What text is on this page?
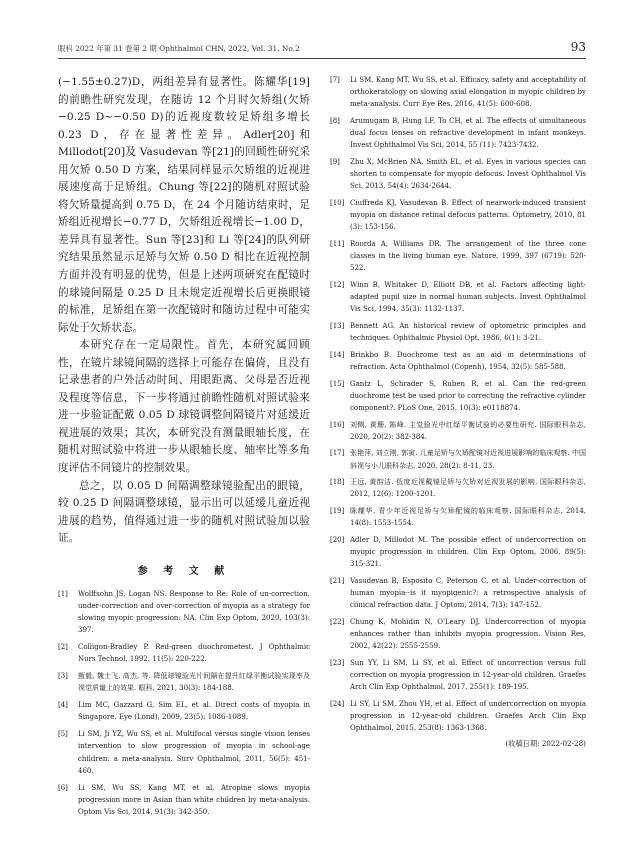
眼科 2022 年第 31 卷第 2 期 Ophthalmol CHN, 2022, Vol. 31, No.2	93

(−1.55±0.27)D，两组差异有显著性。陈耀华[19]的前瞻性研究发现，在随访 12 个月时欠矫组(欠矫−0.25 D~−0.50 D)的近视度数较足矫组多增长 0.23 D，存在显著性差异。Adler[20]和 Millodot[20]及 Vasudevan 等[21]的回顾性研究采用欠矫 0.50 D 方案，结果同样显示欠矫组的近视进展速度高于足矫组。Chung 等[22]的随机对照试验将欠矫量提高到 0.75 D，在 24 个月随访结束时，足矫组近视增长−0.77 D，欠矫组近视增长−1.00 D，差异具有显著性。Sun 等[23]和 Li 等[24]的队列研究结果虽然显示足矫与欠矫 0.50 D 相比在近视控制方面并没有明显的优势，但是上述两项研究在配镜时的球镜间隔是 0.25 D 且未规定近视增长后更换眼镜的标准，足矫组在第一次配镜时和随访过程中可能实际处于欠矫状态。

本研究存在一定局限性。首先，本研究属回顾性，在镜片球镜间隔的选择上可能存在偏倚，且没有记录患者的户外活动时间、用眼距离、父母是否近视及程度等信息，下一步将通过前瞻性随机对照试验来进一步验证配戴 0.05 D 球镜调整间隔镜片对延缓近视进展的效果；其次，本研究没有测量眼轴长度，在随机对照试验中将进一步从眼轴长度、轴率比等多角度评估不同镜片的控制效果。

总之，以 0.05 D 间隔调整球镜验配出的眼镜，较 0.25 D 间隔调整球镜，显示出可以延缓儿童近视进展的趋势，值得通过进一步的随机对照试验加以验证。

参 考 文 献
[1]	Wolffsohn JS, Logan NS. Response to Re: Role of un-correction, under-correction and over-correction of myopia as a strategy for slowing myopic progression: NA. Clin Exp Optom, 2020, 103(3): 397.
[2]	Colligon-Bradley P. Red-green duochrometest. J Ophthalmic Nurs Technol, 1992, 11(5): 220-222.
[3]	甄毅, 魏士飞, 高杰, 等. 降低球镜验光片间隔在提升红绿平衡试验实现率及视觉质量上的效果. 眼科, 2021, 30(3): 184-188.
[4]	Lim MC, Gazzard G, Sim EL, et al. Direct costs of myopia in Singapore. Eye (Lond), 2009, 23(5): 1086-1089.
[5]	Li SM, Ji YZ, Wu SS, et al. Multifocal versus single vision lenses intervention to slow progression of myopia in school-age children: a meta-analysis. Surv Ophthalmol, 2011, 56(5): 451-460.
[6]	Li SM, Wu SS, Kang MT, et al. Atropine slows myopia progression more in Asian than white children by meta-analysis. Optom Vis Sci, 2014, 91(3): 342-350.
[7]	Li SM, Kang MT, Wu SS, et al. Efficacy, safety and acceptability of orthokeratology on slowing axial elongation in myopic children by meta-analysis. Curr Eye Res, 2016, 41(5): 600-608.
[8]	Arumugam B, Hung LF, To CH, et al. The effects of simultaneous dual focus lenses on refractive development in infant monkeys. Invest Ophthalmol Vis Sci, 2014, 55 (11): 7423-7432.
[9]	Zhu X, McBrien NA, Smith EL, et al. Eyes in various species can shorten to compensate for myopic defocus. Invest Ophthalmol Vis Sci, 2013, 54(4): 2634-2644.
[10] Ciuffreda KJ, Vasudevan B. Effect of nearwork-induced transient myopia on distance retinal defocus patterns. Optometry, 2010, 81 (3): 153-156.
[11] Roorda A, Williams DR. The arrangement of the three cone classes in the living human eye. Nature, 1999, 397 (6719): 520-522.
[12] Winn B, Whitaker D, Elliott DB, et al. Factors affecting light-adapted pupil size in normal human subjects. Invest Ophthalmol Vis Sci, 1994, 35(3): 1132-1137.
[13] Bennett AG. An historical review of optometric principles and techniques. Ophthalmic Physiol Opt, 1986, 6(1): 3-21.
[14] Brinkbo B. Duochrome test as an aid in determinations of refraction. Acta Ophthalmol (Copenh), 1954, 32(5): 585-588.
[15] Gantz L, Schrader S, Ruben R, et al. Can the red-green duochrome test be used prior to correcting the refractive cylinder component?. PLoS One, 2015, 10(3): e0118874.
[16] 刘侧, 黄珊, 陈峰. 主觉验光中红绿平衡试验的必要性研究. 国际眼科杂志, 2020, 20(2): 382-384.
[17] 张艳萍, 刘立刚, 郭寅. 儿童足矫与欠矫配镜对近视进展影响的临床观察. 中国斜视与小儿眼科杂志, 2020, 28(2): 8-11, 23.
[18] 王远, 黄韵洁. 低度近视戴镜足矫与欠矫对近视发展的影响. 国际眼科杂志, 2012, 12(6): 1200-1201.
[19] 陈耀华. 青少年近视足矫与欠矫配镜的临床观察. 国际眼科杂志, 2014, 14(8): 1553-1554.
[20] Adler D, Millodot M. The possible effect of undercorrection on myopic progression in children. Clin Exp Optom, 2006, 89(5): 315-321.
[21] Vasudevan B, Esposito C, Peterson C, et al. Under-correction of human myopia--is it myopigenic?: a retrospective analysis of clinical refraction data. J Optom, 2014, 7(3): 147-152.
[22] Chung K, Mohidin N, O'Leary DJ. Undercorrection of myopia enhances rather than inhibits myopia progression. Vision Res, 2002, 42(22): 2555-2559.
[23] Sun YY, Li SM, Li SY, et al. Effect of uncorrection versus full correction on myopia progression in 12-year-old children. Graefes Arch Clin Exp Ophthalmol, 2017, 255(1): 189-195.
[24] Li SY, Li SM, Zhou YH, et al. Effect of undercorrection on myopia progression in 12-year-old children. Graefes Arch Clin Exp Ophthalmol, 2015, 253(8): 1363-1368.
(收稿日期: 2022-02-28)
